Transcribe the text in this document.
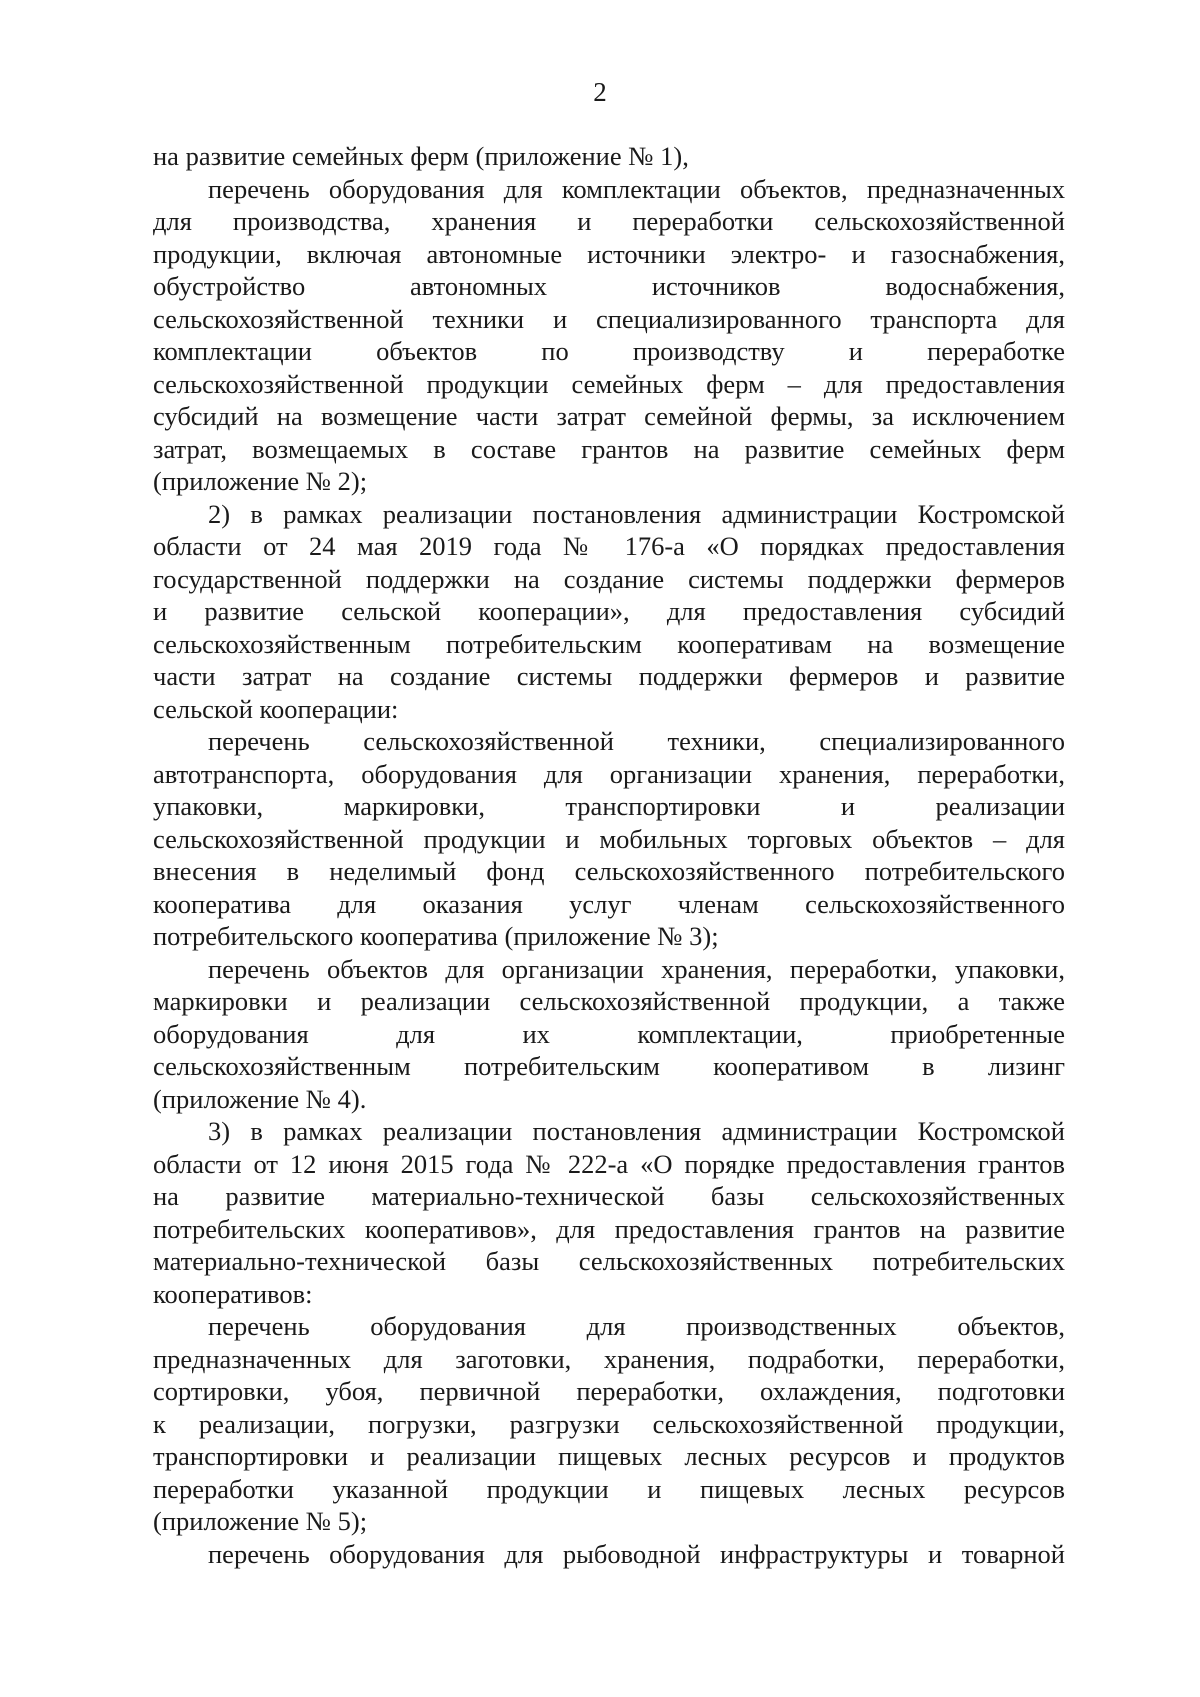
2
на развитие семейных ферм (приложение № 1),
перечень оборудования для комплектации объектов, предназначенных
для производства, хранения и переработки сельскохозяйственной
продукции, включая автономные источники электро- и газоснабжения,
обустройство автономных источников водоснабжения,
сельскохозяйственной техники и специализированного транспорта для
комплектации объектов по производству и переработке
сельскохозяйственной продукции семейных ферм – для предоставления
субсидий на возмещение части затрат семейной фермы, за исключением
затрат, возмещаемых в составе грантов на развитие семейных ферм
(приложение № 2);
2) в рамках реализации постановления администрации Костромской
области от 24 мая 2019 года № 176-а «О порядках предоставления
государственной поддержки на создание системы поддержки фермеров
и развитие сельской кооперации», для предоставления субсидий
сельскохозяйственным потребительским кооперативам на возмещение
части затрат на создание системы поддержки фермеров и развитие
сельской кооперации:
перечень сельскохозяйственной техники, специализированного
автотранспорта, оборудования для организации хранения, переработки,
упаковки, маркировки, транспортировки и реализации
сельскохозяйственной продукции и мобильных торговых объектов – для
внесения в неделимый фонд сельскохозяйственного потребительского
кооператива для оказания услуг членам сельскохозяйственного
потребительского кооператива (приложение № 3);
перечень объектов для организации хранения, переработки, упаковки,
маркировки и реализации сельскохозяйственной продукции, а также
оборудования для их комплектации, приобретенные
сельскохозяйственным потребительским кооперативом в лизинг
(приложение № 4).
3) в рамках реализации постановления администрации Костромской
области от 12 июня 2015 года № 222-а «О порядке предоставления грантов
на развитие материально-технической базы сельскохозяйственных
потребительских кооперативов», для предоставления грантов на развитие
материально-технической базы сельскохозяйственных потребительских
кооперативов:
перечень оборудования для производственных объектов,
предназначенных для заготовки, хранения, подработки, переработки,
сортировки, убоя, первичной переработки, охлаждения, подготовки
к реализации, погрузки, разгрузки сельскохозяйственной продукции,
транспортировки и реализации пищевых лесных ресурсов и продуктов
переработки указанной продукции и пищевых лесных ресурсов
(приложение № 5);
перечень оборудования для рыбоводной инфраструктуры и товарной
